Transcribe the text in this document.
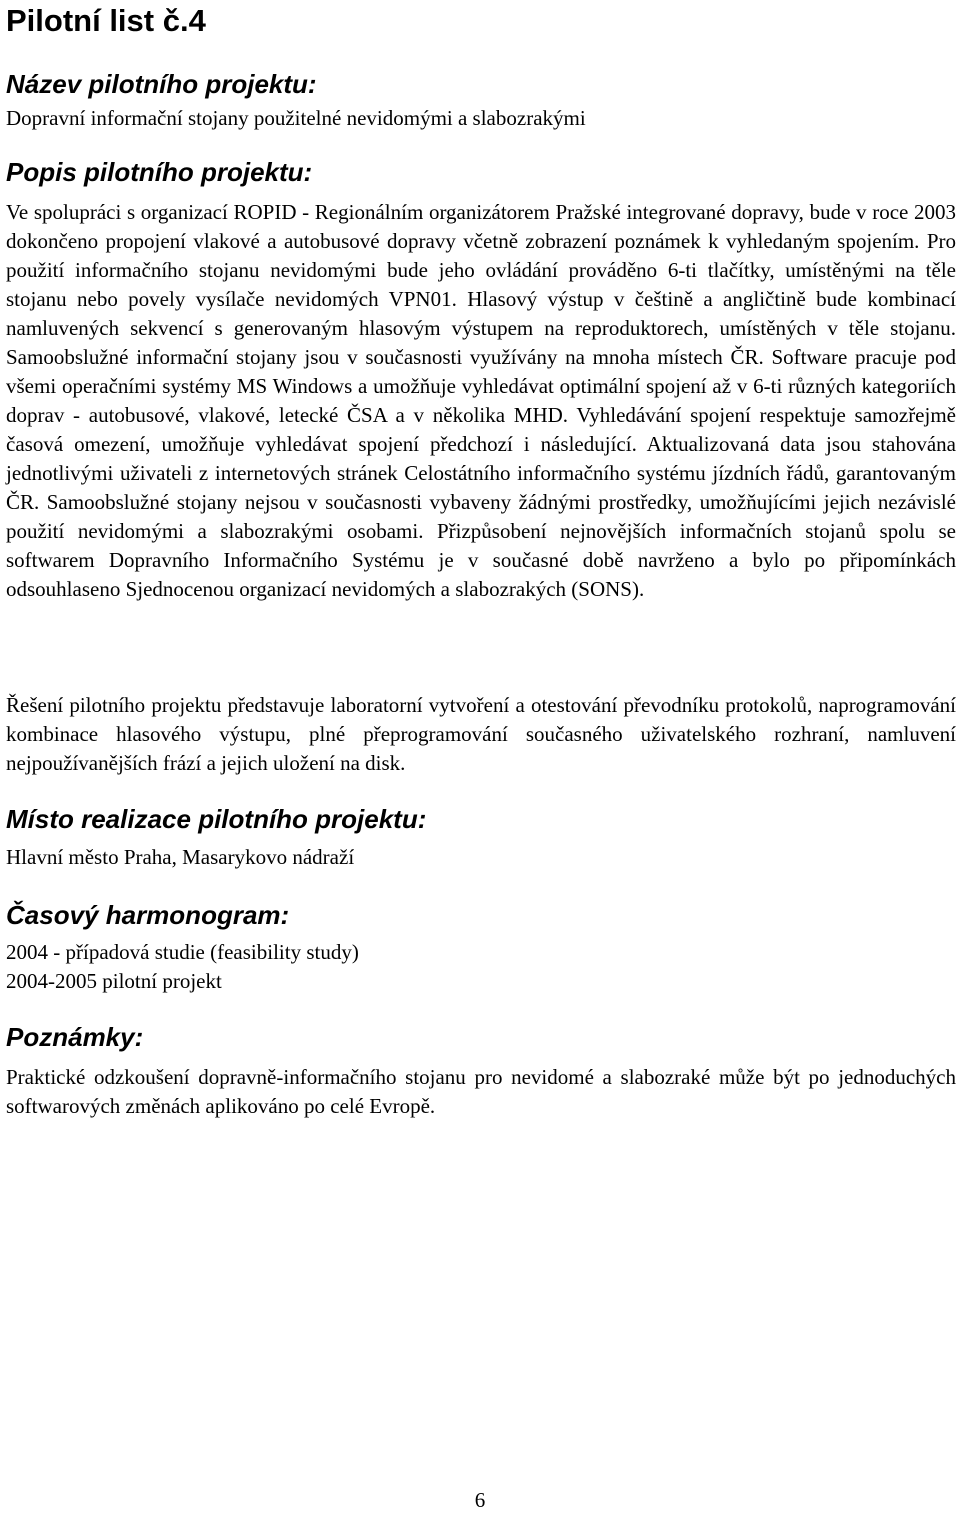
Pilotní list č.4
Název pilotního projektu:

Dopravní informační stojany použitelné nevidomými a slabozrakými

Popis pilotního projektu:

Ve spolupráci s organizací ROPID - Regionálním organizátorem Pražské integrované dopravy, bude v roce 2003 dokončeno propojení vlakové a autobusové dopravy včetně zobrazení poznámek k vyhledaným spojením. Pro použití informačního stojanu nevidomými bude jeho ovládání prováděno 6-ti tlačítky, umístěnými na těle stojanu nebo povely vysílače nevidomých VPN01. Hlasový výstup v češtině a angličtině bude kombinací namluvených sekvencí s generovaným hlasovým výstupem na reproduktorech, umístěných v těle stojanu. Samoobslužné informační stojany jsou v současnosti využívány na mnoha místech ČR. Software pracuje pod všemi operačními systémy MS Windows a umožňuje vyhledávat optimální spojení až v 6-ti různých kategoriích doprav - autobusové, vlakové, letecké ČSA a v několika MHD. Vyhledávání spojení respektuje samozřejmě časová omezení, umožňuje vyhledávat spojení předchozí i následující. Aktualizovaná data jsou stahována jednotlivými uživateli z internetových stránek Celostátního informačního systému jízdních řádů, garantovaným ČR. Samoobslužné stojany nejsou v současnosti vybaveny žádnými prostředky, umožňujícími jejich nezávislé použití nevidomými a slabozrakými osobami. Přizpůsobení nejnovějších informačních stojanů spolu se softwarem Dopravního Informačního Systému je v současné době navrženo a bylo po připomínkách odsouhlaseno Sjednocenou organizací nevidomých a slabozrakých (SONS).

Řešení pilotního projektu představuje laboratorní vytvoření a otestování převodníku protokolů, naprogramování kombinace hlasového výstupu, plné přeprogramování současného uživatelského rozhraní, namluvení nejpoužívanějších frází a jejich uložení na disk.

Místo realizace pilotního projektu:

Hlavní město Praha, Masarykovo nádraží

Časový harmonogram:

2004 - případová studie (feasibility study)

2004-2005 pilotní projekt

Poznámky:

Praktické odzkoušení dopravně-informačního stojanu pro nevidomé a slabozraké může být po jednoduchých softwarových změnách aplikováno po celé Evropě.

6
